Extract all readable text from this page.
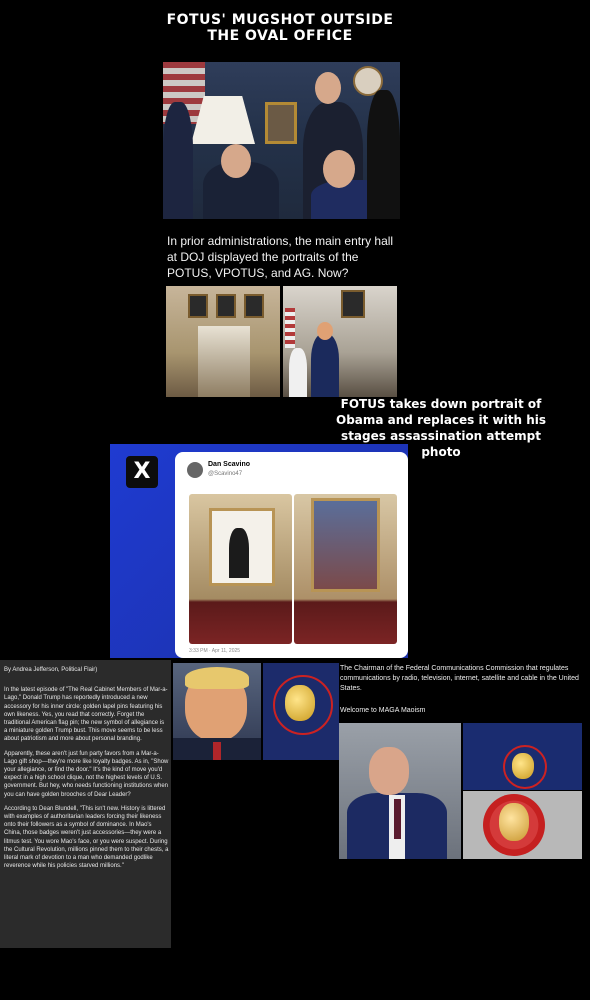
FOTUS' MUGSHOT OUTSIDE THE OVAL OFFICE
In prior administrations, the main entry hall at DOJ displayed the portraits of the POTUS, VPOTUS, and AG. Now?
FOTUS takes down portrait of Obama and replaces it with his stages assassination attempt photo
X	Dan Scavino
@Scavino47
3:33 PM · Apr 11, 2025

By Andrea Jefferson, Political Flair)

In the latest episode of "The Real Cabinet Members of Mar-a-Lago," Donald Trump has reportedly introduced a new accessory for his inner circle: golden lapel pins featuring his own likeness. Yes, you read that correctly. Forget the traditional American flag pin; the new symbol of allegiance is a miniature golden Trump bust. This move seems to be less about patriotism and more about personal branding.

Apparently, these aren't just fun party favors from a Mar-a-Lago gift shop—they're more like loyalty badges. As in, "Show your allegiance, or find the door." It's the kind of move you'd expect in a high school clique, not the highest levels of U.S. government. But hey, who needs functioning institutions when you can have golden brooches of Dear Leader?

According to Dean Blundell, "This isn't new. History is littered with examples of authoritarian leaders forcing their likeness onto their followers as a symbol of dominance. In Mao's China, those badges weren't just accessories—they were a litmus test. You wore Mao's face, or you were suspect. During the Cultural Revolution, millions pinned them to their chests, a literal mark of devotion to a man who demanded godlike reverence while his policies starved millions."

The Chairman of the Federal Communications Commission that regulates communications by radio, television, internet, satellite and cable in the United States.

Welcome to MAGA Maoism
